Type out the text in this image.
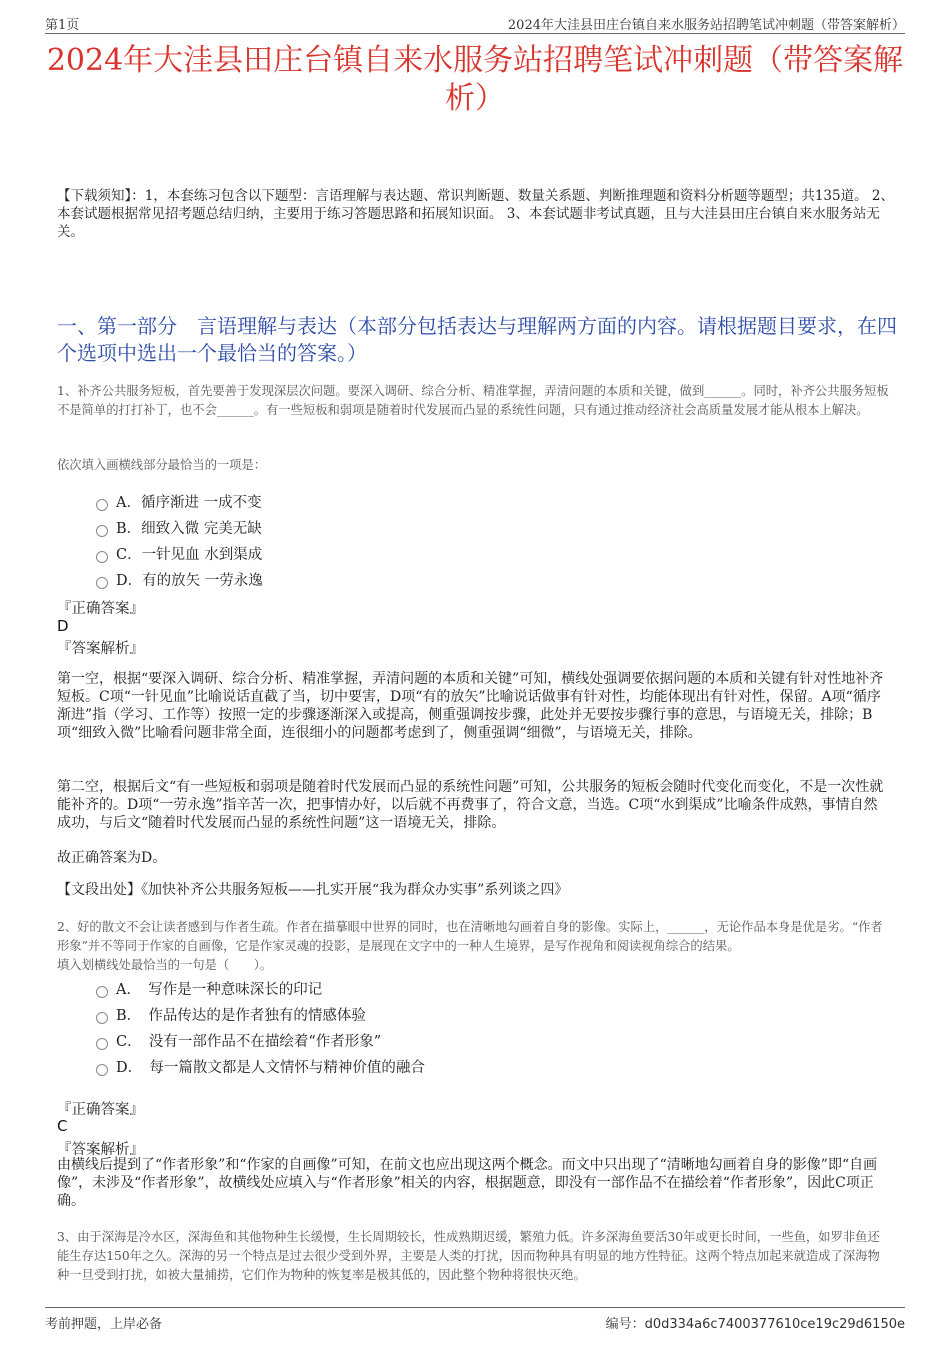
第1页	2024年大洼县田庄台镇自来水服务站招聘笔试冲刺题（带答案解析）
2024年大洼县田庄台镇自来水服务站招聘笔试冲刺题（带答案解析）
【下载须知】：1，本套练习包含以下题型：言语理解与表达题、常识判断题、数量关系题、判断推理题和资料分析题等题型；共135道。 2、本套试题根据常见招考题总结归纳，主要用于练习答题思路和拓展知识面。 3、本套试题非考试真题，且与大洼县田庄台镇自来水服务站无关。
一、第一部分　言语理解与表达（本部分包括表达与理解两方面的内容。请根据题目要求，在四个选项中选出一个最恰当的答案。）
1、补齐公共服务短板，首先要善于发现深层次问题。要深入调研、综合分析、精准掌握，弄清问题的本质和关键，做到______。同时，补齐公共服务短板不是简单的打打补丁，也不会______。有一些短板和弱项是随着时代发展而凸显的系统性问题，只有通过推动经济社会高质量发展才能从根本上解决。
依次填入画横线部分最恰当的一项是：
A．循序渐进 一成不变
B．细致入微 完美无缺
C．一针见血 水到渠成
D．有的放矢 一劳永逸
『正确答案』
D
『答案解析』
第一空，根据“要深入调研、综合分析、精准掌握，弄清问题的本质和关键”可知，横线处强调要依据问题的本质和关键有针对性地补齐短板。C项“一针见血”比喻说话直截了当，切中要害，D项“有的放矢”比喻说话做事有针对性，均能体现出有针对性，保留。A项“循序渐进”指（学习、工作等）按照一定的步骤逐渐深入或提高，侧重强调按步骤，此处并无要按步骤行事的意思，与语境无关，排除；B项“细致入微”比喻看问题非常全面，连很细小的问题都考虑到了，侧重强调“细微”，与语境无关，排除。
第二空，根据后文“有一些短板和弱项是随着时代发展而凸显的系统性问题”可知，公共服务的短板会随时代变化而变化，不是一次性就能补齐的。D项“一劳永逸”指辛苦一次，把事情办好，以后就不再费事了，符合文意，当选。C项“水到渠成”比喻条件成熟，事情自然成功，与后文“随着时代发展而凸显的系统性问题”这一语境无关，排除。
故正确答案为D。
【文段出处】《加快补齐公共服务短板——扎实开展“我为群众办实事”系列谈之四》
2、好的散文不会让读者感到与作者生疏。作者在描摹眼中世界的同时，也在清晰地勾画着自身的影像。实际上，______，无论作品本身是优是劣。“作者形象”并不等同于作家的自画像，它是作家灵魂的投影，是展现在文字中的一种人生境界，是写作视角和阅读视角综合的结果。
填入划横线处最恰当的一句是（　　）。
A．　写作是一种意味深长的印记
B．　作品传达的是作者独有的情感体验
C．　没有一部作品不在描绘着“作者形象”
D．　每一篇散文都是人文情怀与精神价值的融合
『正确答案』
C
『答案解析』
由横线后提到了“作者形象”和“作家的自画像”可知，在前文也应出现这两个概念。而文中只出现了“清晰地勾画着自身的影像”即“自画像”，未涉及“作者形象”，故横线处应填入与“作者形象”相关的内容，根据题意，即没有一部作品不在描绘着“作者形象”，因此C项正确。
3、由于深海是冷水区，深海鱼和其他物种生长缓慢，生长周期较长，性成熟期迟缓，繁殖力低。许多深海鱼要活30年或更长时间，一些鱼，如罗非鱼还能生存达150年之久。深海的另一个特点是过去很少受到外界，主要是人类的打扰，因而物种具有明显的地方性特征。这两个特点加起来就造成了深海物种一旦受到打扰，如被大量捕捞，它们作为物种的恢复率是极其低的，因此整个物种将很快灭绝。
考前押题，上岸必备	编号：d0d334a6c7400377610ce19c29d6150e
